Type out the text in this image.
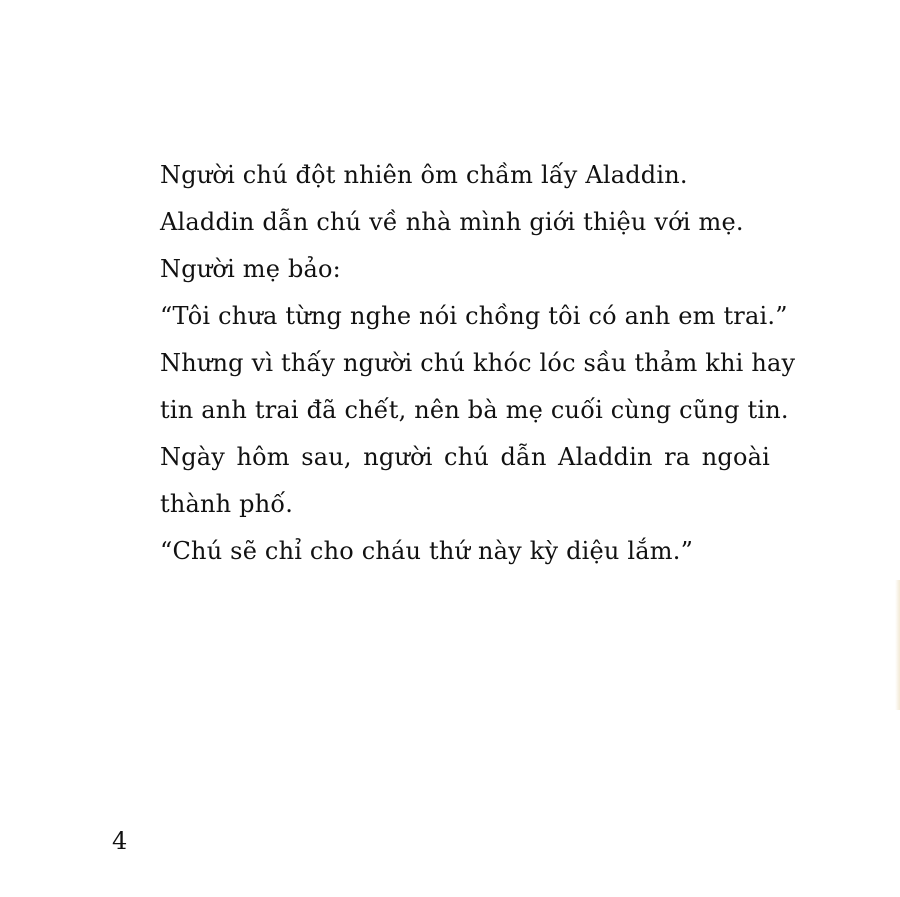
Người chú đột nhiên ôm chầm lấy Aladdin.
Aladdin dẫn chú về nhà mình giới thiệu với mẹ.
Người mẹ bảo:
“Tôi chưa từng nghe nói chồng tôi có anh em trai.”
Nhưng vì thấy người chú khóc lóc sầu thảm khi hay
tin anh trai đã chết, nên bà mẹ cuối cùng cũng tin.
Ngày hôm sau, người chú dẫn Aladdin ra ngoài
thành phố.
“Chú sẽ chỉ cho cháu thứ này kỳ diệu lắm.”
4
